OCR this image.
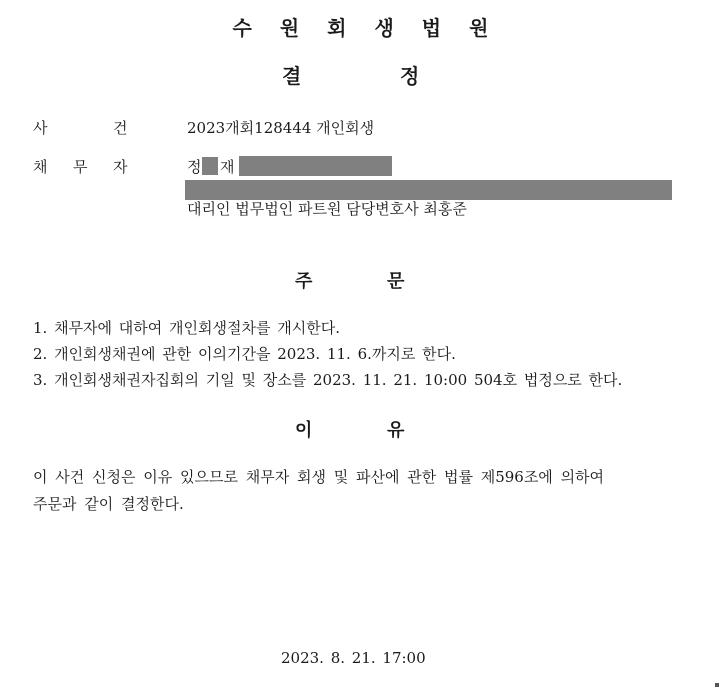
수원회생법원
결	정
사	건	2023개회128444 개인회생
채 무 자	정 재
대리인 법무법인 파트원 담당변호사 최홍준
주	문
1. 채무자에 대하여 개인회생절차를 개시한다.
2. 개인회생채권에 관한 이의기간을 2023. 11. 6.까지로 한다.
3. 개인회생채권자집회의 기일 및 장소를 2023. 11. 21. 10:00 504호 법정으로 한다.
이	유
이 사건 신청은 이유 있으므로 채무자 회생 및 파산에 관한 법률 제596조에 의하여
주문과 같이 결정한다.
2023. 8. 21. 17:00
